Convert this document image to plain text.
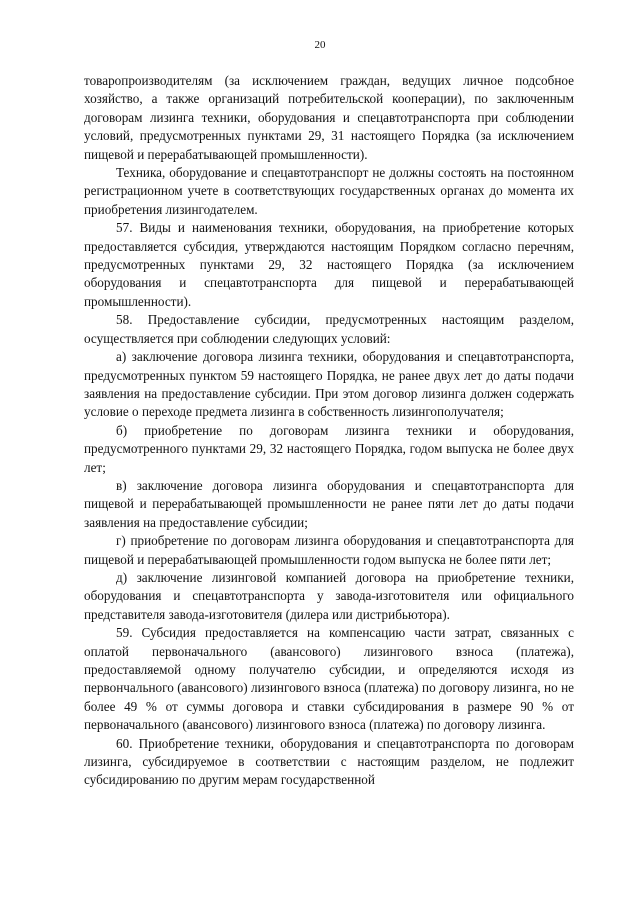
20

товаропроизводителям (за исключением граждан, ведущих личное подсобное хозяйство, а также организаций потребительской кооперации), по заключенным договорам лизинга техники, оборудования и спецавтотранспорта при соблюдении условий, предусмотренных пунктами 29, 31 настоящего Порядка (за исключением пищевой и перерабатывающей промышленности).

Техника, оборудование и спецавтотранспорт не должны состоять на постоянном регистрационном учете в соответствующих государственных органах до момента их приобретения лизингодателем.

57. Виды и наименования техники, оборудования, на приобретение которых предоставляется субсидия, утверждаются настоящим Порядком согласно перечням, предусмотренных пунктами 29, 32 настоящего Порядка (за исключением оборудования и спецавтотранспорта для пищевой и перерабатывающей промышленности).

58. Предоставление субсидии, предусмотренных настоящим разделом, осуществляется при соблюдении следующих условий:

а) заключение договора лизинга техники, оборудования и спецавтотранспорта, предусмотренных пунктом 59 настоящего Порядка, не ранее двух лет до даты подачи заявления на предоставление субсидии. При этом договор лизинга должен содержать условие о переходе предмета лизинга в собственность лизингополучателя;

б) приобретение по договорам лизинга техники и оборудования, предусмотренного пунктами 29, 32 настоящего Порядка, годом выпуска не более двух лет;

в) заключение договора лизинга оборудования и спецавтотранспорта для пищевой и перерабатывающей промышленности не ранее пяти лет до даты подачи заявления на предоставление субсидии;

г) приобретение по договорам лизинга оборудования и спецавтотранспорта для пищевой и перерабатывающей промышленности годом выпуска не более пяти лет;

д) заключение лизинговой компанией договора на приобретение техники, оборудования и спецавтотранспорта у завода-изготовителя или официального представителя завода-изготовителя (дилера или дистрибьютора).

59. Субсидия предоставляется на компенсацию части затрат, связанных с оплатой первоначального (авансового) лизингового взноса (платежа), предоставляемой одному получателю субсидии, и определяются исходя из первончального (авансового) лизингового взноса (платежа) по договору лизинга, но не более 49 % от суммы договора и ставки субсидирования в размере 90 % от первоначального (авансового) лизингового взноса (платежа) по договору лизинга.

60. Приобретение техники, оборудования и спецавтотранспорта по договорам лизинга, субсидируемое в соответствии с настоящим разделом, не подлежит субсидированию по другим мерам государственной
